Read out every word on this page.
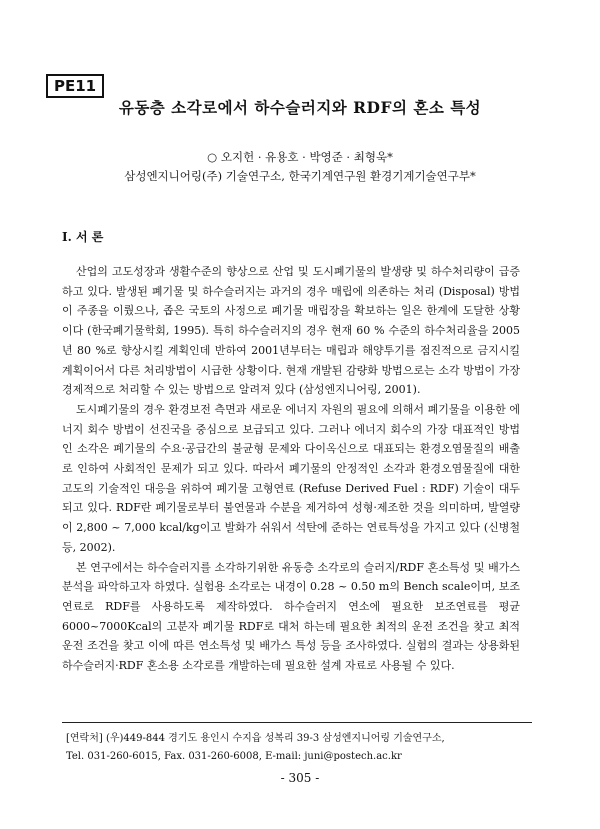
PE11
유동층 소각로에서 하수슬러지와 RDF의 혼소 특성
○ 오지헌 · 유용호 · 박영준 · 최형욱*
삼성엔지니어링(주) 기술연구소, 한국기계연구원 환경기계기술연구부*
I. 서 론

산업의 고도성장과 생활수준의 향상으로 산업 및 도시폐기물의 발생량 및 하수처리량이 급증하고 있다. 발생된 폐기물 및 하수슬러지는 과거의 경우 매립에 의존하는 처리 (Disposal) 방법이 주종을 이뤘으나, 좁은 국토의 사정으로 폐기물 매립장을 확보하는 일은 한계에 도달한 상황이다 (한국폐기물학회, 1995). 특히 하수슬러지의 경우 현재 60 % 수준의 하수처리율을 2005년 80 %로 향상시킬 계획인데 반하여 2001년부터는 매립과 해양투기를 점진적으로 금지시킬 계획이어서 다른 처리방법이 시급한 상황이다. 현재 개발된 감량화 방법으로는 소각 방법이 가장 경제적으로 처리할 수 있는 방법으로 알려져 있다 (삼성엔지니어링, 2001).

도시폐기물의 경우 환경보전 측면과 새로운 에너지 자원의 필요에 의해서 폐기물을 이용한 에너지 회수 방법이 선진국을 중심으로 보급되고 있다. 그러나 에너지 회수의 가장 대표적인 방법인 소각은 폐기물의 수요·공급간의 불균형 문제와 다이옥신으로 대표되는 환경오염물질의 배출로 인하여 사회적인 문제가 되고 있다. 따라서 폐기물의 안정적인 소각과 환경오염물질에 대한 고도의 기술적인 대응을 위하여 폐기물 고형연료 (Refuse Derived Fuel : RDF) 기술이 대두되고 있다. RDF란 폐기물로부터 불연물과 수분을 제거하여 성형·제조한 것을 의미하며, 발열량이 2,800 ~ 7,000 kcal/kg이고 발화가 쉬워서 석탄에 준하는 연료특성을 가지고 있다 (신병철 등, 2002).

본 연구에서는 하수슬러지를 소각하기위한 유동층 소각로의 슬러지/RDF 혼소특성 및 배가스 분석을 파악하고자 하였다. 실험용 소각로는 내경이 0.28 ~ 0.50 m의 Bench scale이며, 보조연료로 RDF를 사용하도록 제작하였다. 하수슬러지 연소에 필요한 보조연료를 평균 6000~7000Kcal의 고분자 폐기물 RDF로 대처 하는데 필요한 최적의 운전 조건을 찾고 최적운전 조건을 찾고 이에 따른 연소특성 및 배가스 특성 등을 조사하였다. 실험의 결과는 상용화된 하수슬러지·RDF 혼소용 소각로를 개발하는데 필요한 설계 자료로 사용될 수 있다.

[연락처] (우)449-844 경기도 용인시 수지읍 성복리 39-3 삼성엔지니어링 기술연구소,
Tel. 031-260-6015, Fax. 031-260-6008, E-mail: juni@postech.ac.kr
- 305 -
